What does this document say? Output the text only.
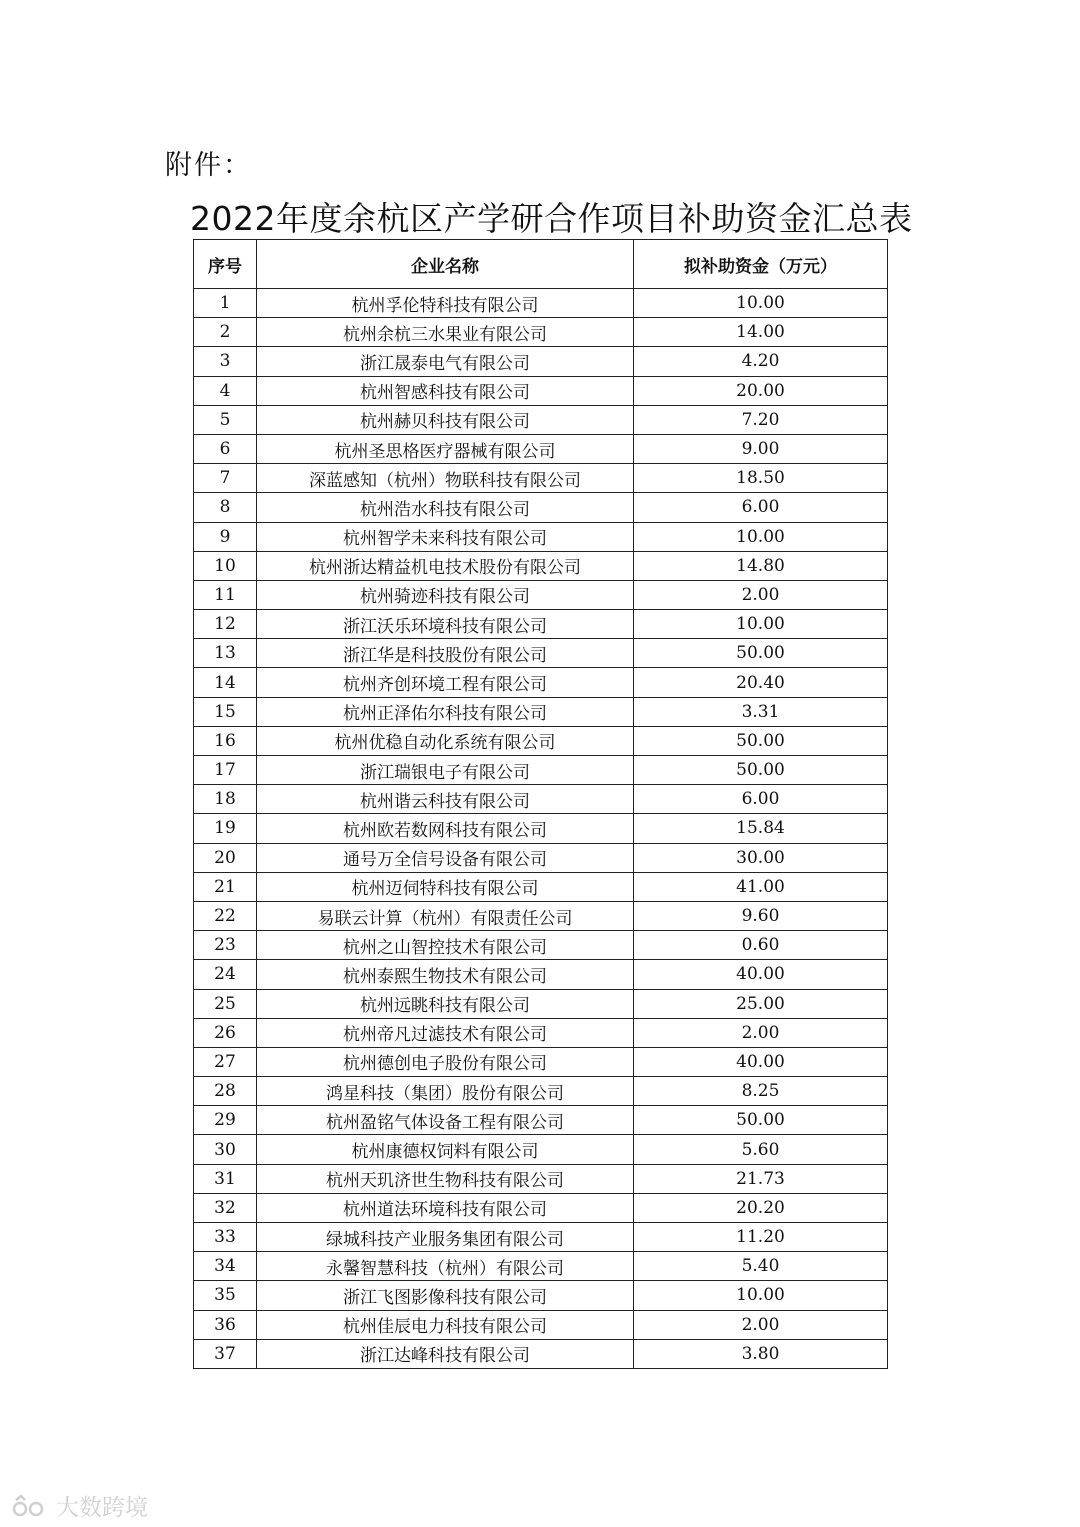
附件：
2022年度余杭区产学研合作项目补助资金汇总表
序号	企业名称	拟补助资金（万元）
1	杭州孚伦特科技有限公司	10.00
2	杭州余杭三水果业有限公司	14.00
3	浙江晟泰电气有限公司	4.20
4	杭州智感科技有限公司	20.00
5	杭州赫贝科技有限公司	7.20
6	杭州圣思格医疗器械有限公司	9.00
7	深蓝感知（杭州）物联科技有限公司	18.50
8	杭州浩水科技有限公司	6.00
9	杭州智学未来科技有限公司	10.00
10	杭州浙达精益机电技术股份有限公司	14.80
11	杭州骑迹科技有限公司	2.00
12	浙江沃乐环境科技有限公司	10.00
13	浙江华是科技股份有限公司	50.00
14	杭州齐创环境工程有限公司	20.40
15	杭州正泽佑尔科技有限公司	3.31
16	杭州优稳自动化系统有限公司	50.00
17	浙江瑞银电子有限公司	50.00
18	杭州谐云科技有限公司	6.00
19	杭州欧若数网科技有限公司	15.84
20	通号万全信号设备有限公司	30.00
21	杭州迈伺特科技有限公司	41.00
22	易联云计算（杭州）有限责任公司	9.60
23	杭州之山智控技术有限公司	0.60
24	杭州泰熙生物技术有限公司	40.00
25	杭州远眺科技有限公司	25.00
26	杭州帝凡过滤技术有限公司	2.00
27	杭州德创电子股份有限公司	40.00
28	鸿星科技（集团）股份有限公司	8.25
29	杭州盈铭气体设备工程有限公司	50.00
30	杭州康德权饲料有限公司	5.60
31	杭州天玑济世生物科技有限公司	21.73
32	杭州道法环境科技有限公司	20.20
33	绿城科技产业服务集团有限公司	11.20
34	永馨智慧科技（杭州）有限公司	5.40
35	浙江飞图影像科技有限公司	10.00
36	杭州佳辰电力科技有限公司	2.00
37	浙江达峰科技有限公司	3.80
大数跨境
